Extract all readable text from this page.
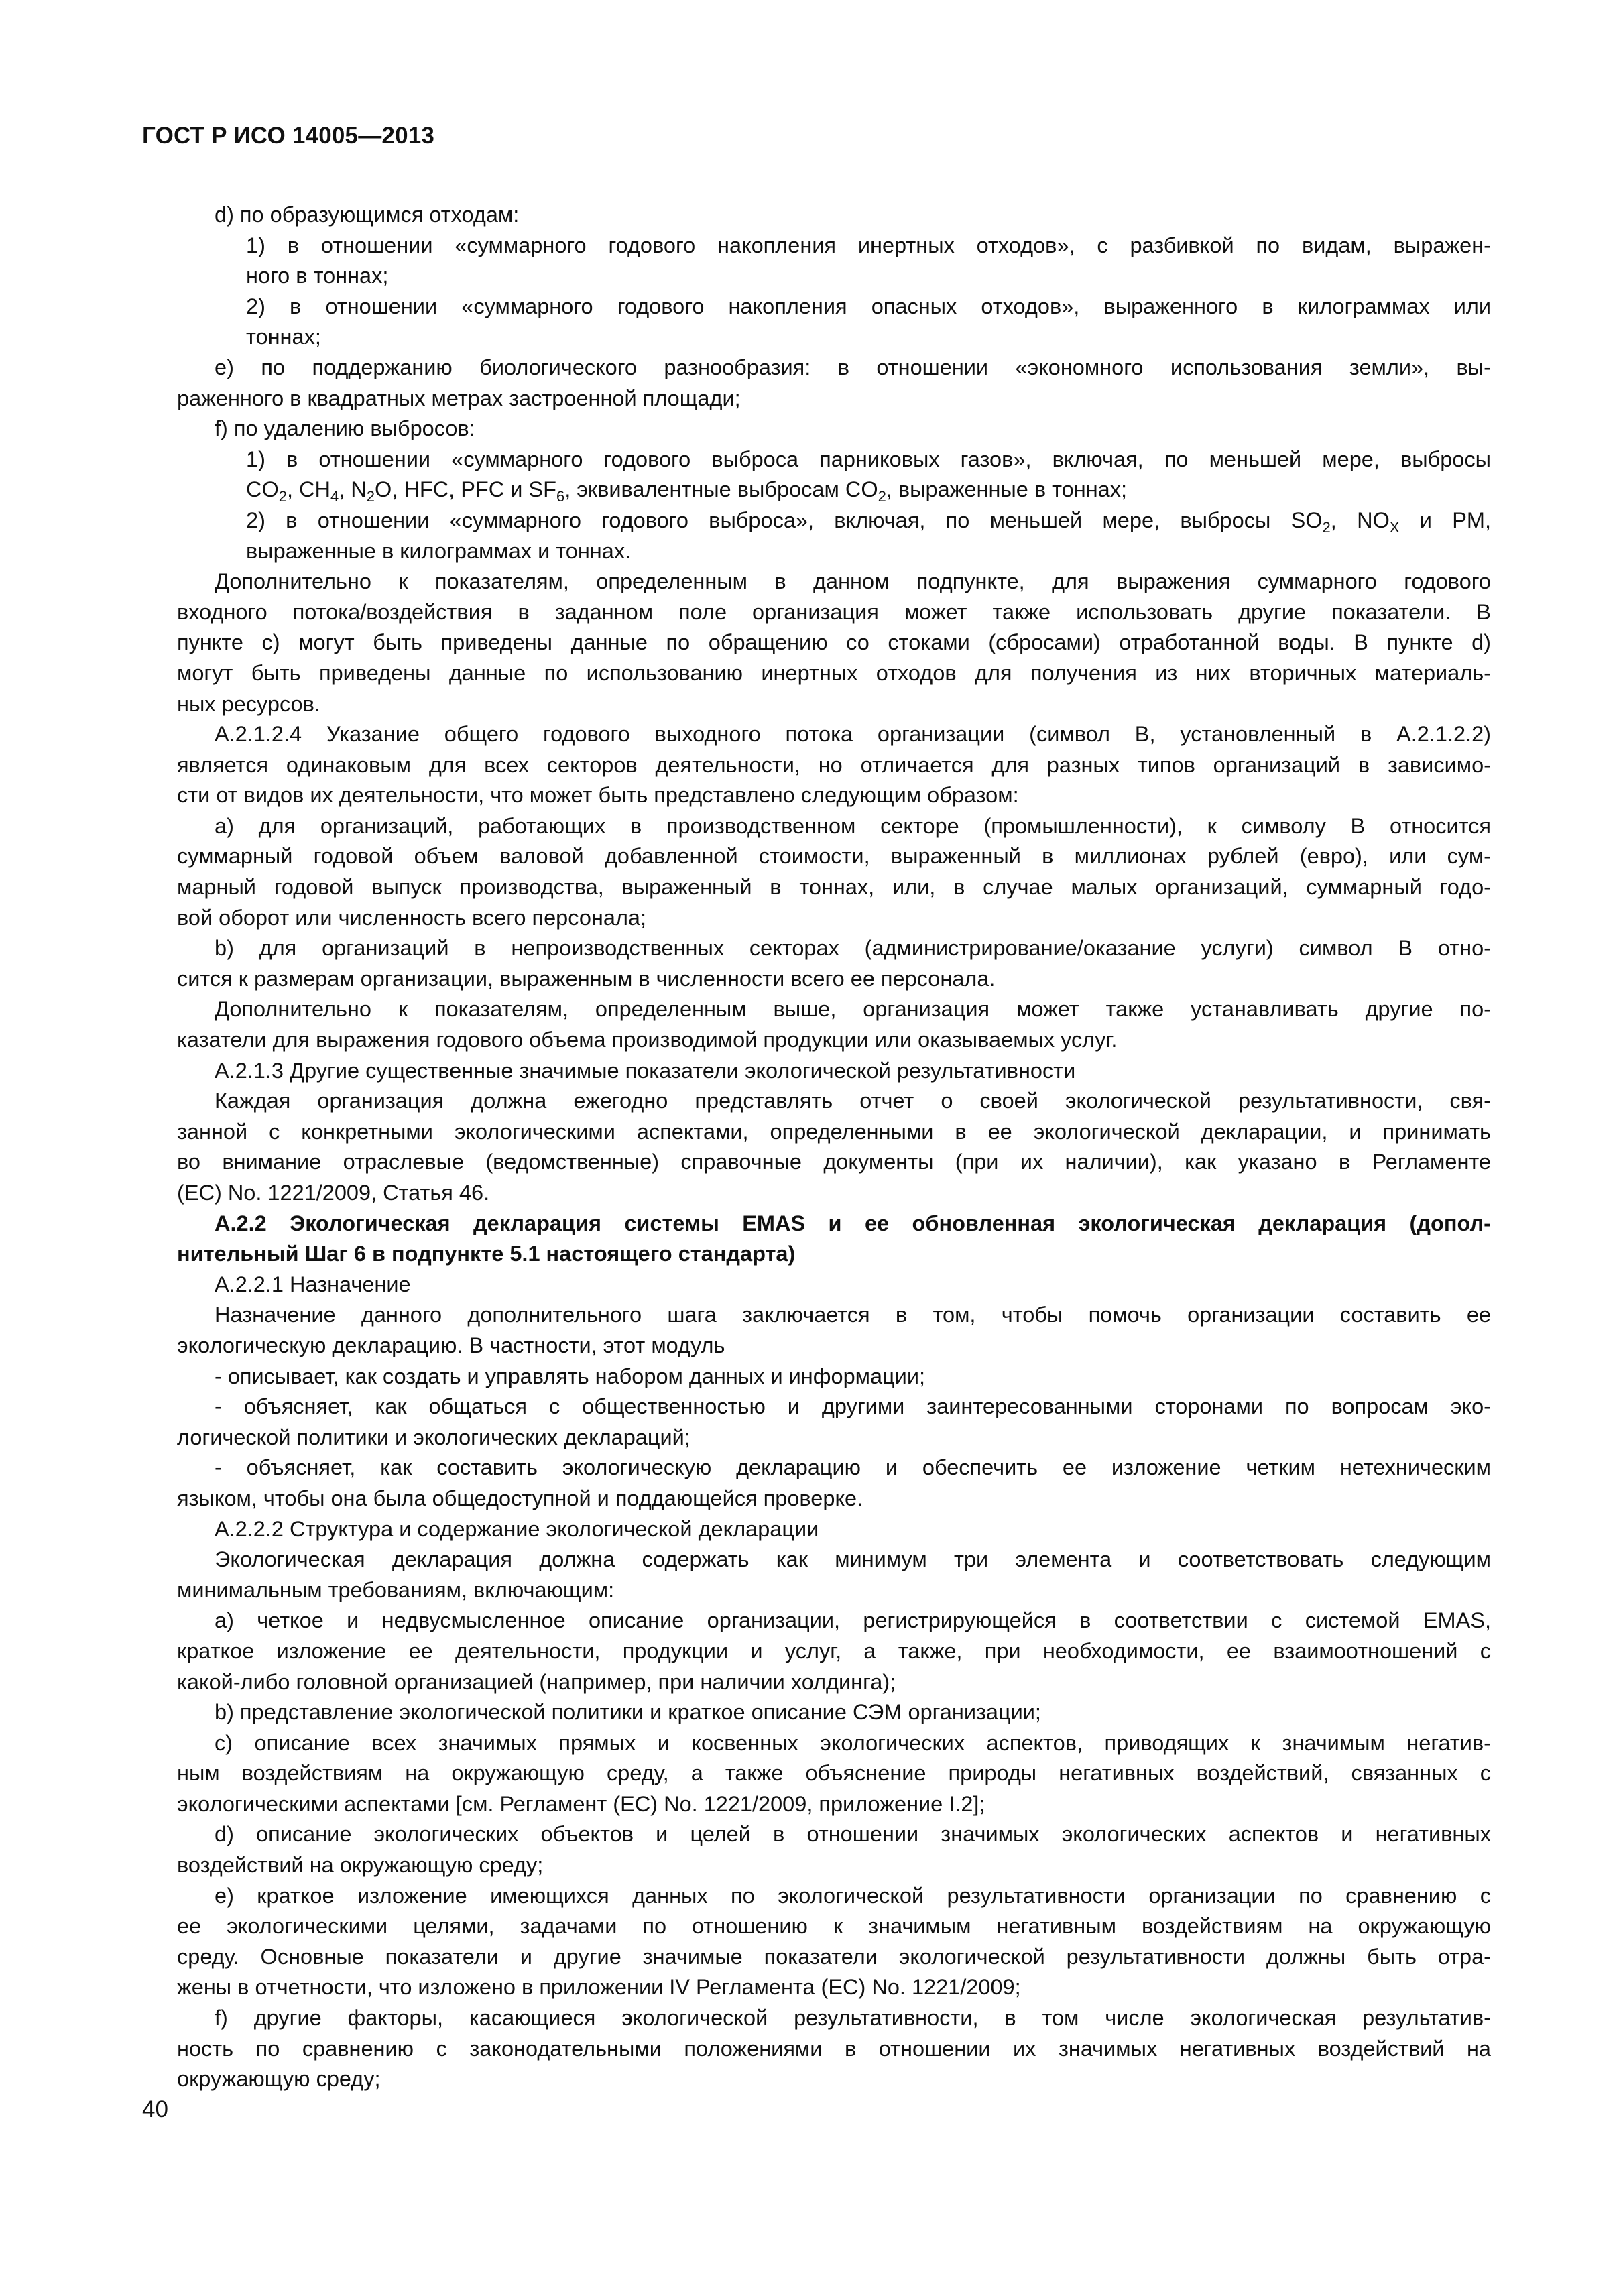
ГОСТ Р ИСО 14005—2013
d) по образующимся отходам:
1) в отношении «суммарного годового накопления инертных отходов», с разбивкой по видам, выражен-
ного в тоннах;
2) в отношении «суммарного годового накопления опасных отходов», выраженного в килограммах или
тоннах;
е) по поддержанию биологического разнообразия: в отношении «экономного использования земли», вы-
раженного в квадратных метрах застроенной площади;
f) по удалению выбросов:
1) в отношении «суммарного годового выброса парниковых газов», включая, по меньшей мере, выбросы
$CO_2$, $CH_4$, $N_2O$, HFC, PFC и $SF_6$, эквивалентные выбросам $CO_2$, выраженные в тоннах;
2) в отношении «суммарного годового выброса», включая, по меньшей мере, выбросы $SO_2$, $NO_X$ и PM,
выраженные в килограммах и тоннах.
Дополнительно к показателям, определенным в данном подпункте, для выражения суммарного годового
входного потока/воздействия в заданном поле организация может также использовать другие показатели. В
пункте с) могут быть приведены данные по обращению со стоками (сбросами) отработанной воды. В пункте d)
могут быть приведены данные по использованию инертных отходов для получения из них вторичных материаль-
ных ресурсов.
А.2.1.2.4 Указание общего годового выходного потока организации (символ В, установленный в А.2.1.2.2)
является одинаковым для всех секторов деятельности, но отличается для разных типов организаций в зависимо-
сти от видов их деятельности, что может быть представлено следующим образом:
а) для организаций, работающих в производственном секторе (промышленности), к символу В относится
суммарный годовой объем валовой добавленной стоимости, выраженный в миллионах рублей (евро), или сум-
марный годовой выпуск производства, выраженный в тоннах, или, в случае малых организаций, суммарный годо-
вой оборот или численность всего персонала;
b) для организаций в непроизводственных секторах (администрирование/оказание услуги) символ В отно-
сится к размерам организации, выраженным в численности всего ее персонала.
Дополнительно к показателям, определенным выше, организация может также устанавливать другие по-
казатели для выражения годового объема производимой продукции или оказываемых услуг.
А.2.1.3 Другие существенные значимые показатели экологической результативности
Каждая организация должна ежегодно представлять отчет о своей экологической результативности, свя-
занной с конкретными экологическими аспектами, определенными в ее экологической декларации, и принимать
во внимание отраслевые (ведомственные) справочные документы (при их наличии), как указано в Регламенте
(ЕС) No. 1221/2009, Статья 46.
А.2.2 Экологическая декларация системы EMAS и ее обновленная экологическая декларация (допол-
нительный Шаг 6 в подпункте 5.1 настоящего стандарта)
А.2.2.1 Назначение
Назначение данного дополнительного шага заключается в том, чтобы помочь организации составить ее
экологическую декларацию. В частности, этот модуль
- описывает, как создать и управлять набором данных и информации;
- объясняет, как общаться с общественностью и другими заинтересованными сторонами по вопросам эко-
логической политики и экологических деклараций;
- объясняет, как составить экологическую декларацию и обеспечить ее изложение четким нетехническим
языком, чтобы она была общедоступной и поддающейся проверке.
А.2.2.2 Структура и содержание экологической декларации
Экологическая декларация должна содержать как минимум три элемента и соответствовать следующим
минимальным требованиям, включающим:
а) четкое и недвусмысленное описание организации, регистрирующейся в соответствии с системой EMAS,
краткое изложение ее деятельности, продукции и услуг, а также, при необходимости, ее взаимоотношений с
какой-либо головной организацией (например, при наличии холдинга);
b) представление экологической политики и краткое описание СЭМ организации;
с) описание всех значимых прямых и косвенных экологических аспектов, приводящих к значимым негатив-
ным воздействиям на окружающую среду, а также объяснение природы негативных воздействий, связанных с
экологическими аспектами [см. Регламент (ЕС) No. 1221/2009, приложение I.2];
d) описание экологических объектов и целей в отношении значимых экологических аспектов и негативных
воздействий на окружающую среду;
е) краткое изложение имеющихся данных по экологической результативности организации по сравнению с
ее экологическими целями, задачами по отношению к значимым негативным воздействиям на окружающую
среду. Основные показатели и другие значимые показатели экологической результативности должны быть отра-
жены в отчетности, что изложено в приложении IV Регламента (ЕС) No. 1221/2009;
f) другие факторы, касающиеся экологической результативности, в том числе экологическая результатив-
ность по сравнению с законодательными положениями в отношении их значимых негативных воздействий на
окружающую среду;
40
